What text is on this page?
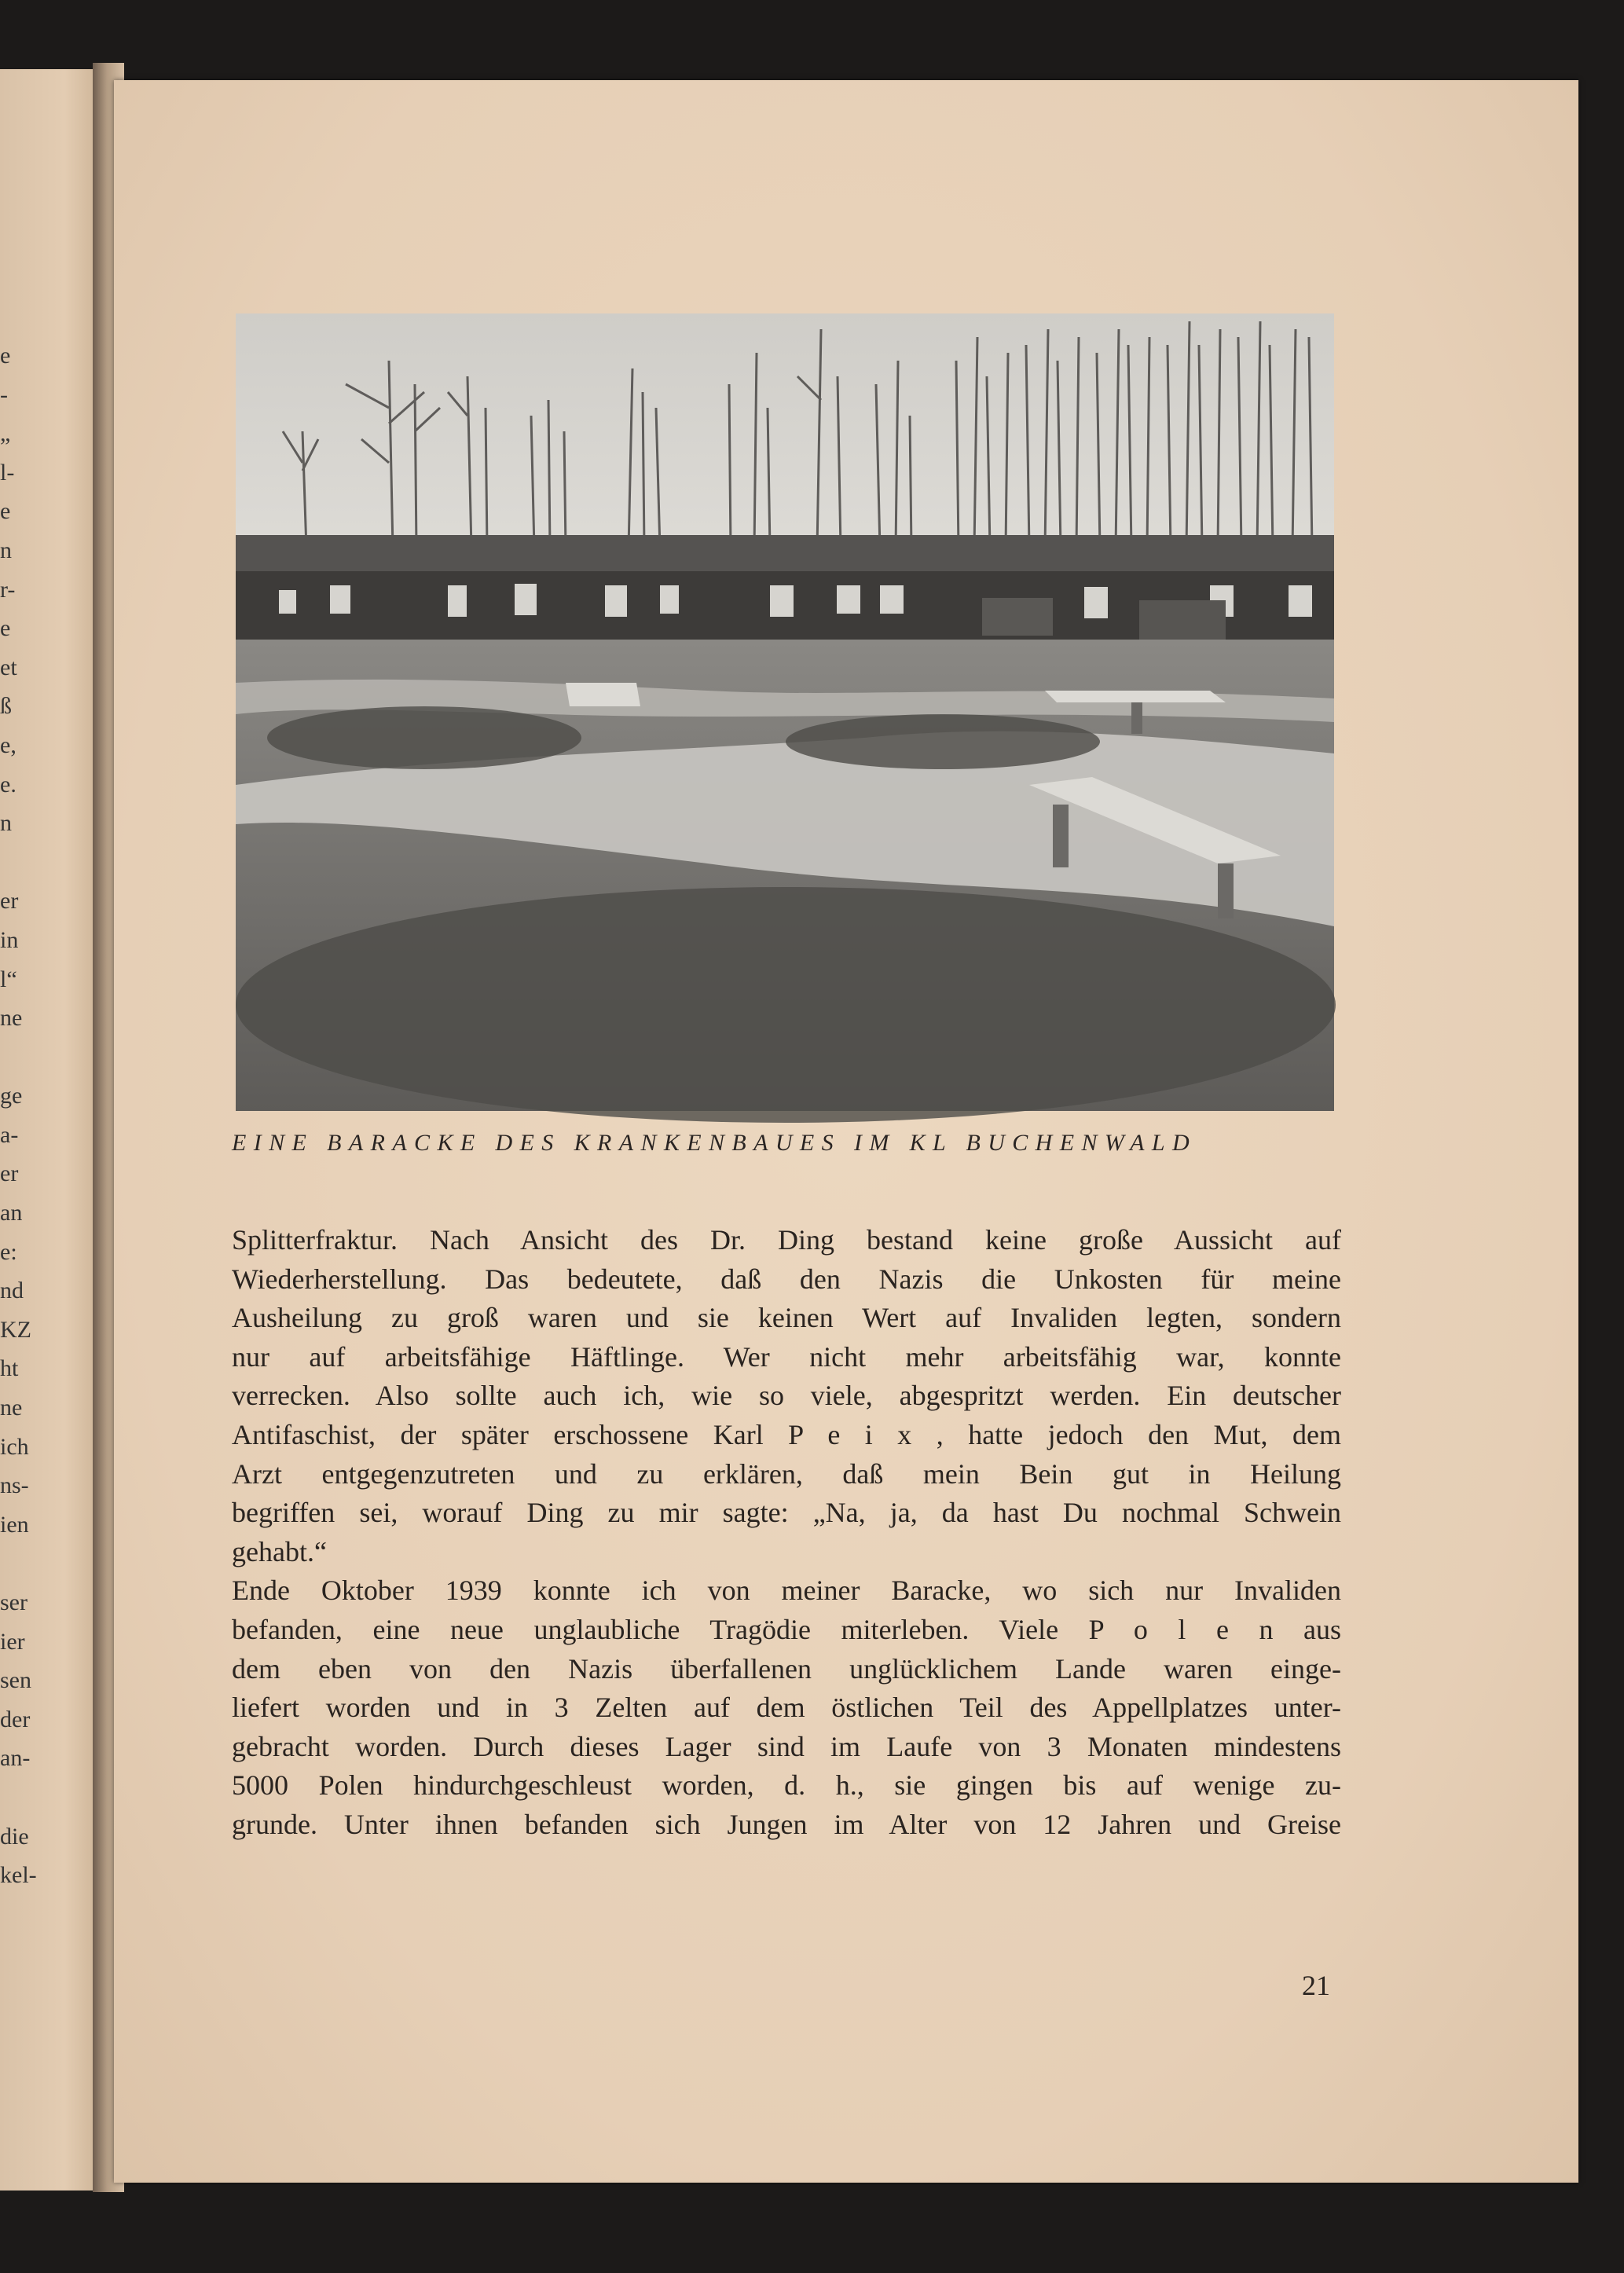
e
-
„
l-
e
n
r-
e
et
ß
e,
e.
n
er
in
l“
ne
ge
a-
er
an
e:
nd
KZ
ht
ne
ich
ns-
ien
ser
ier
sen
der
an-
die
kel-
EINE BARACKE DES KRANKENBAUES IM KL BUCHENWALD
Splitterfraktur. Nach Ansicht des Dr. Ding bestand keine große Aussicht auf
Wiederherstellung. Das bedeutete, daß den Nazis die Unkosten für meine
Ausheilung zu groß waren und sie keinen Wert auf Invaliden legten, sondern
nur auf arbeitsfähige Häftlinge. Wer nicht mehr arbeitsfähig war, konnte
verrecken. Also sollte auch ich, wie so viele, abgespritzt werden. Ein deutscher
Antifaschist, der später erschossene Karl P e i x , hatte jedoch den Mut, dem
Arzt entgegenzutreten und zu erklären, daß mein Bein gut in Heilung
begriffen sei, worauf Ding zu mir sagte: „Na, ja, da hast Du nochmal Schwein
gehabt.“
Ende Oktober 1939 konnte ich von meiner Baracke, wo sich nur Invaliden
befanden, eine neue unglaubliche Tragödie miterleben. Viele P o l e n aus
dem eben von den Nazis überfallenen unglücklichem Lande waren einge-
liefert worden und in 3 Zelten auf dem östlichen Teil des Appellplatzes unter-
gebracht worden. Durch dieses Lager sind im Laufe von 3 Monaten mindestens
5000 Polen hindurchgeschleust worden, d. h., sie gingen bis auf wenige zu-
grunde. Unter ihnen befanden sich Jungen im Alter von 12 Jahren und Greise
21
